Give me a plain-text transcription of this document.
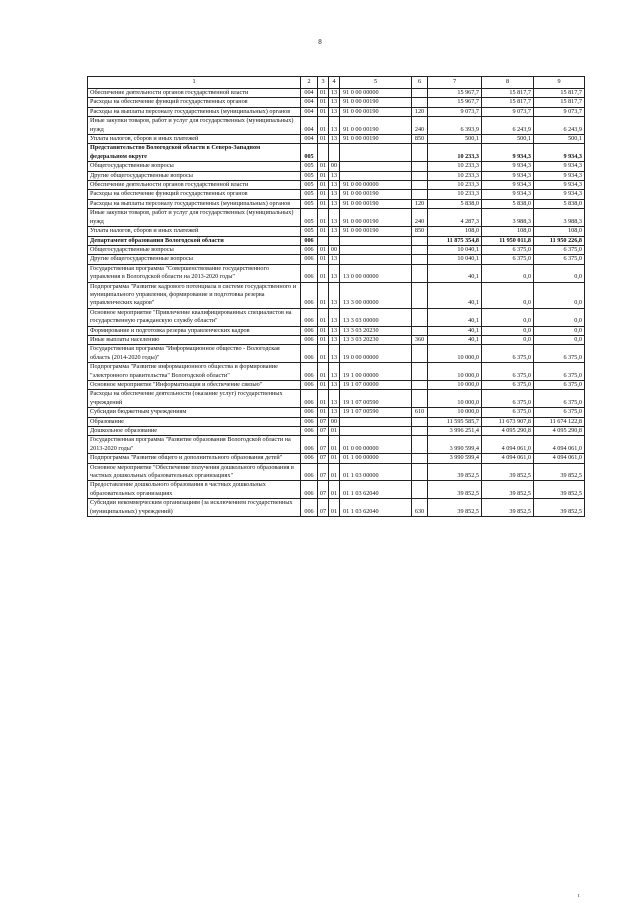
8
1	2	3	4	5	6	7	8	9
Обеспечение деятельности органов государственной власти	004	01	13	91 0 00 00000		15 967,7	15 817,7	15 817,7
Расходы на обеспечение функций государственных органов	004	01	13	91 0 00 00190		15 967,7	15 817,7	15 817,7
Расходы на выплаты персоналу государственных (муниципальных) органов	004	01	13	91 0 00 00190	120	9 073,7	9 073,7	9 073,7
Иные закупки товаров, работ и услуг для государственных (муниципальных) нужд	004	01	13	91 0 00 00190	240	6 393,9	6 243,9	6 243,9
Уплата налогов, сборов и иных платежей	004	01	13	91 0 00 00190	850	500,1	500,1	500,1
Представительство Вологодской области в Северо-Западном федеральном округе	005					10 233,3	9 934,3	9 934,3
Общегосударственные вопросы	005	01	00			10 233,3	9 934,3	9 934,3
Другие общегосударственные вопросы	005	01	13			10 233,3	9 934,3	9 934,3
Обеспечение деятельности органов государственной власти	005	01	13	91 0 00 00000		10 233,3	9 934,3	9 934,3
Расходы на обеспечение функций государственных органов	005	01	13	91 0 00 00190		10 233,3	9 934,3	9 934,3
Расходы на выплаты персоналу государственных (муниципальных) органов	005	01	13	91 0 00 00190	120	5 838,0	5 838,0	5 838,0
Иные закупки товаров, работ и услуг для государственных (муниципальных) нужд	005	01	13	91 0 00 00190	240	4 287,3	3 988,3	3 988,3
Уплата налогов, сборов и иных платежей	005	01	13	91 0 00 00190	850	108,0	108,0	108,0
Департамент образования Вологодской области	006					11 875 354,8	11 950 011,8	11 950 226,8
Общегосударственные вопросы	006	01	00			10 040,1	6 375,0	6 375,0
Другие общегосударственные вопросы	006	01	13			10 040,1	6 375,0	6 375,0
Государственная программа "Совершенствование государственного управления в Вологодской области на 2013-2020 годы"	006	01	13	13 0 00 00000		40,1	0,0	0,0
Подпрограмма "Развитие кадрового потенциала в системе государственного и муниципального управления, формирование и подготовка резерва управленческих кадров"	006	01	13	13 3 00 00000		40,1	0,0	0,0
Основное мероприятие "Привлечение квалифицированных специалистов на государственную гражданскую службу области"	006	01	13	13 3 03 00000		40,1	0,0	0,0
Формирование и подготовка резерва управленческих кадров	006	01	13	13 3 03 20230		40,1	0,0	0,0
Иные выплаты населению	006	01	13	13 3 03 20230	360	40,1	0,0	0,0
Государственная программа "Информационное общество - Вологодская область (2014-2020 годы)"	006	01	13	19 0 00 00000		10 000,0	6 375,0	6 375,0
Подпрограмма "Развитие информационного общества и формирование "электронного правительства" Вологодской области"	006	01	13	19 1 00 00000		10 000,0	6 375,0	6 375,0
Основное мероприятие "Информатизация и обеспечение связью"	006	01	13	19 1 07 00000		10 000,0	6 375,0	6 375,0
Расходы на обеспечение деятельности (оказание услуг) государственных учреждений	006	01	13	19 1 07 00590		10 000,0	6 375,0	6 375,0
Субсидии бюджетным учреждениям	006	01	13	19 1 07 00590	610	10 000,0	6 375,0	6 375,0
Образование	006	07	00			11 595 585,7	11 673 907,8	11 674 122,8
Дошкольное образование	006	07	01			3 996 251,4	4 095 290,8	4 095 290,8
Государственная программа "Развитие образования Вологодской области на 2013-2020 годы"	006	07	01	01 0 00 00000		3 990 599,4	4 094 061,0	4 094 061,0
Подпрограмма "Развитие общего и дополнительного образования детей"	006	07	01	01 1 00 00000		3 990 599,4	4 094 061,0	4 094 061,0
Основное мероприятие "Обеспечение получения дошкольного образования в частных дошкольных образовательных организациях"	006	07	01	01 1 03 00000		39 852,5	39 852,5	39 852,5
Предоставление дошкольного образования в частных дошкольных образовательных организациях	006	07	01	01 1 03 62040		39 852,5	39 852,5	39 852,5
Субсидии некоммерческим организациям (за исключением государственных (муниципальных) учреждений)	006	07	01	01 1 03 62040	630	39 852,5	39 852,5	39 852,5
t
